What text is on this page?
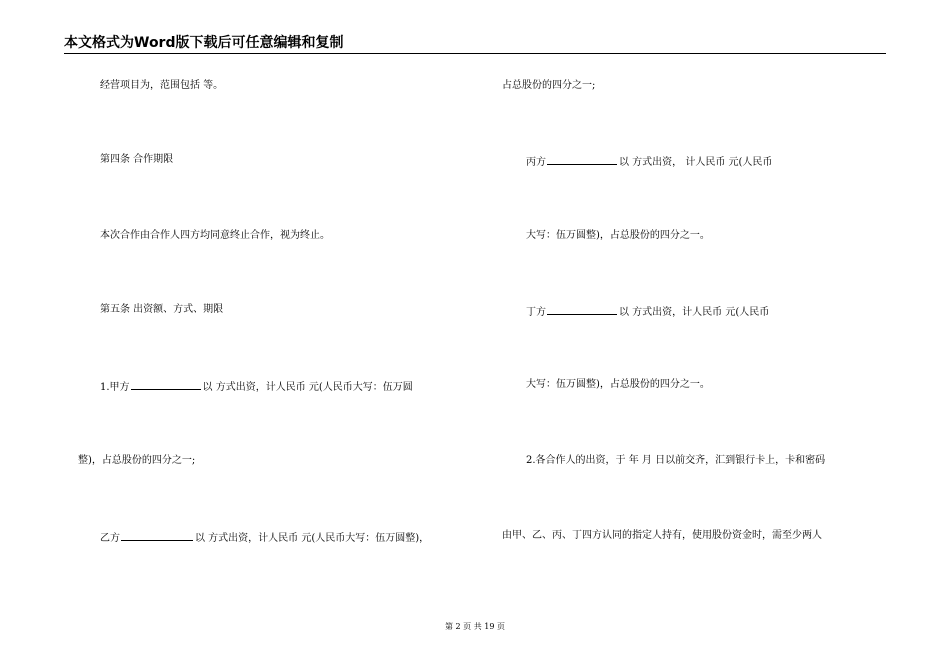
本文格式为Word版下载后可任意编辑和复制
经营项目为，范围包括 等。
第四条 合作期限
本次合作由合作人四方均同意终止合作，视为终止。
第五条 出资额、方式、期限
1.甲方	以 方式出资，计人民币 元(人民币大写：伍万圆
整)，占总股份的四分之一;
乙方	以 方式出资，计人民币 元(人民币大写：伍万圆整)，
占总股份的四分之一;
丙方	以 方式出资， 计人民币 元(人民币
大写：伍万圆整)，占总股份的四分之一。
丁方	以 方式出资，计人民币 元(人民币
大写：伍万圆整)，占总股份的四分之一。
2.各合作人的出资，于 年 月 日以前交齐，汇到银行卡上，卡和密码
由甲、乙、丙、丁四方认同的指定人持有，使用股份资金时，需至少两人
第 2 页 共 19 页
